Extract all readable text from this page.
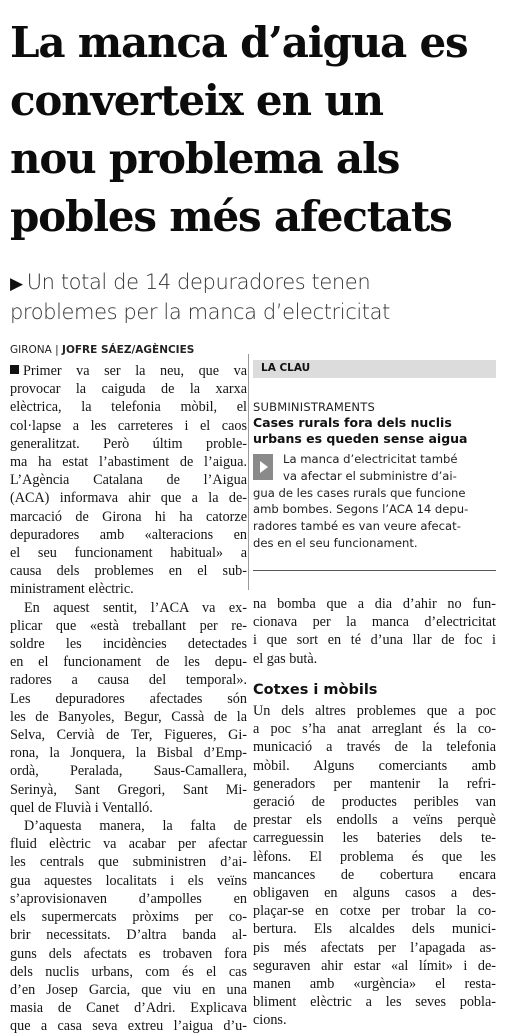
La manca d’aigua es
converteix en un
nou problema als
pobles més afectats
▶ Un total de 14 depuradores tenen
problemes per la manca d’electricitat
GIRONA | JOFRE SÁEZ/AGÈNCIES
Primer va ser la neu, que va
provocar la caiguda de la xarxa
elèctrica, la telefonia mòbil, el
col·lapse a les carreteres i el caos
generalitzat. Però últim proble-
ma ha estat l’abastiment de l’aigua.
L’Agència Catalana de l’Aigua
(ACA) informava ahir que a la de-
marcació de Girona hi ha catorze
depuradores amb «alteracions en
el seu funcionament habitual» a
causa dels problemes en el sub-
ministrament elèctric.
En aquest sentit, l’ACA va ex-
plicar que «està treballant per re-
soldre les incidències detectades
en el funcionament de les depu-
radores a causa del temporal».
Les depuradores afectades són
les de Banyoles, Begur, Cassà de la
Selva, Cervià de Ter, Figueres, Gi-
rona, la Jonquera, la Bisbal d’Emp-
ordà, Peralada, Saus-Camallera,
Serinyà, Sant Gregori, Sant Mi-
quel de Fluvià i Ventalló.
D’aquesta manera, la falta de
fluid elèctric va acabar per afectar
les centrals que subministren d’ai-
gua aquestes localitats i els veïns
s’aprovisionaven d’ampolles en
els supermercats pròxims per co-
brir necessitats. D’altra banda al-
guns dels afectats es trobaven fora
dels nuclis urbans, com és el cas
d’en Josep Garcia, que viu en una
masia de Canet d’Adri. Explicava
que a casa seva extreu l’aigua d’u-
LA CLAU
SUBMINISTRAMENTS
Cases rurals fora dels nuclis
urbans es queden sense aigua
La manca d’electricitat també
va afectar el subministre d’ai-
gua de les cases rurals que funcione
amb bombes. Segons l’ACA 14 depu-
radores també es van veure afecat-
des en el seu funcionament.
na bomba que a dia d’ahir no fun-
cionava per la manca d’electricitat
i que sort en té d’una llar de foc i
el gas butà.
Cotxes i mòbils
Un dels altres problemes que a poc
a poc s’ha anat arreglant és la co-
municació a través de la telefonia
mòbil. Alguns comerciants amb
generadors per mantenir la refri-
geració de productes peribles van
prestar els endolls a veïns perquè
carreguessin les bateries dels te-
lèfons. El problema és que les
mancances de cobertura encara
obligaven en alguns casos a des-
plaçar-se en cotxe per trobar la co-
bertura. Els alcaldes dels munici-
pis més afectats per l’apagada as-
seguraven ahir estar «al límit» i de-
manen amb «urgència» el resta-
bliment elèctric a les seves pobla-
cions.
